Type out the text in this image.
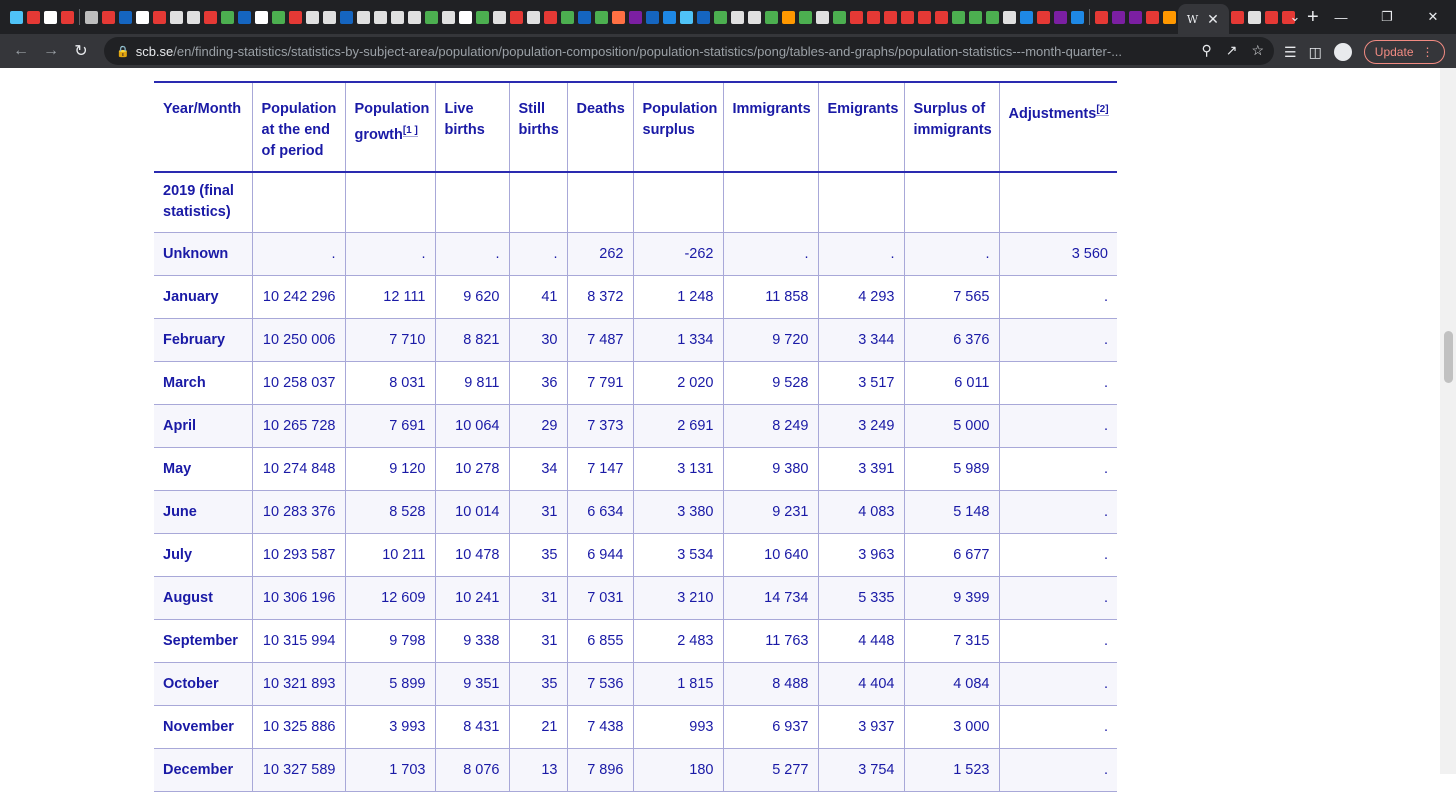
W ✕	+
⌄	—	❐	✕
← → ↻	🔒 scb.se/en/finding-statistics/statistics-by-subject-area/population/population-composition/population-statistics/pong/tables-and-graphs/population-statistics---month-quarter-...	⚲ ↗ ☆ ☰ ◫	Update ⋮
Year/Month	Population at the end of period	Population growth[1 ]	Live births	Still births	Deaths	Population surplus	Immigrants	Emigrants	Surplus of immigrants	Adjustments[2]
2019 (final statistics)										
Unknown	.	.	.	.	262	-262	.	.	.	3 560
January	10 242 296	12 111	9 620	41	8 372	1 248	11 858	4 293	7 565	.
February	10 250 006	7 710	8 821	30	7 487	1 334	9 720	3 344	6 376	.
March	10 258 037	8 031	9 811	36	7 791	2 020	9 528	3 517	6 011	.
April	10 265 728	7 691	10 064	29	7 373	2 691	8 249	3 249	5 000	.
May	10 274 848	9 120	10 278	34	7 147	3 131	9 380	3 391	5 989	.
June	10 283 376	8 528	10 014	31	6 634	3 380	9 231	4 083	5 148	.
July	10 293 587	10 211	10 478	35	6 944	3 534	10 640	3 963	6 677	.
August	10 306 196	12 609	10 241	31	7 031	3 210	14 734	5 335	9 399	.
September	10 315 994	9 798	9 338	31	6 855	2 483	11 763	4 448	7 315	.
October	10 321 893	5 899	9 351	35	7 536	1 815	8 488	4 404	4 084	.
November	10 325 886	3 993	8 431	21	7 438	993	6 937	3 937	3 000	.
December	10 327 589	1 703	8 076	13	7 896	180	5 277	3 754	1 523	.
